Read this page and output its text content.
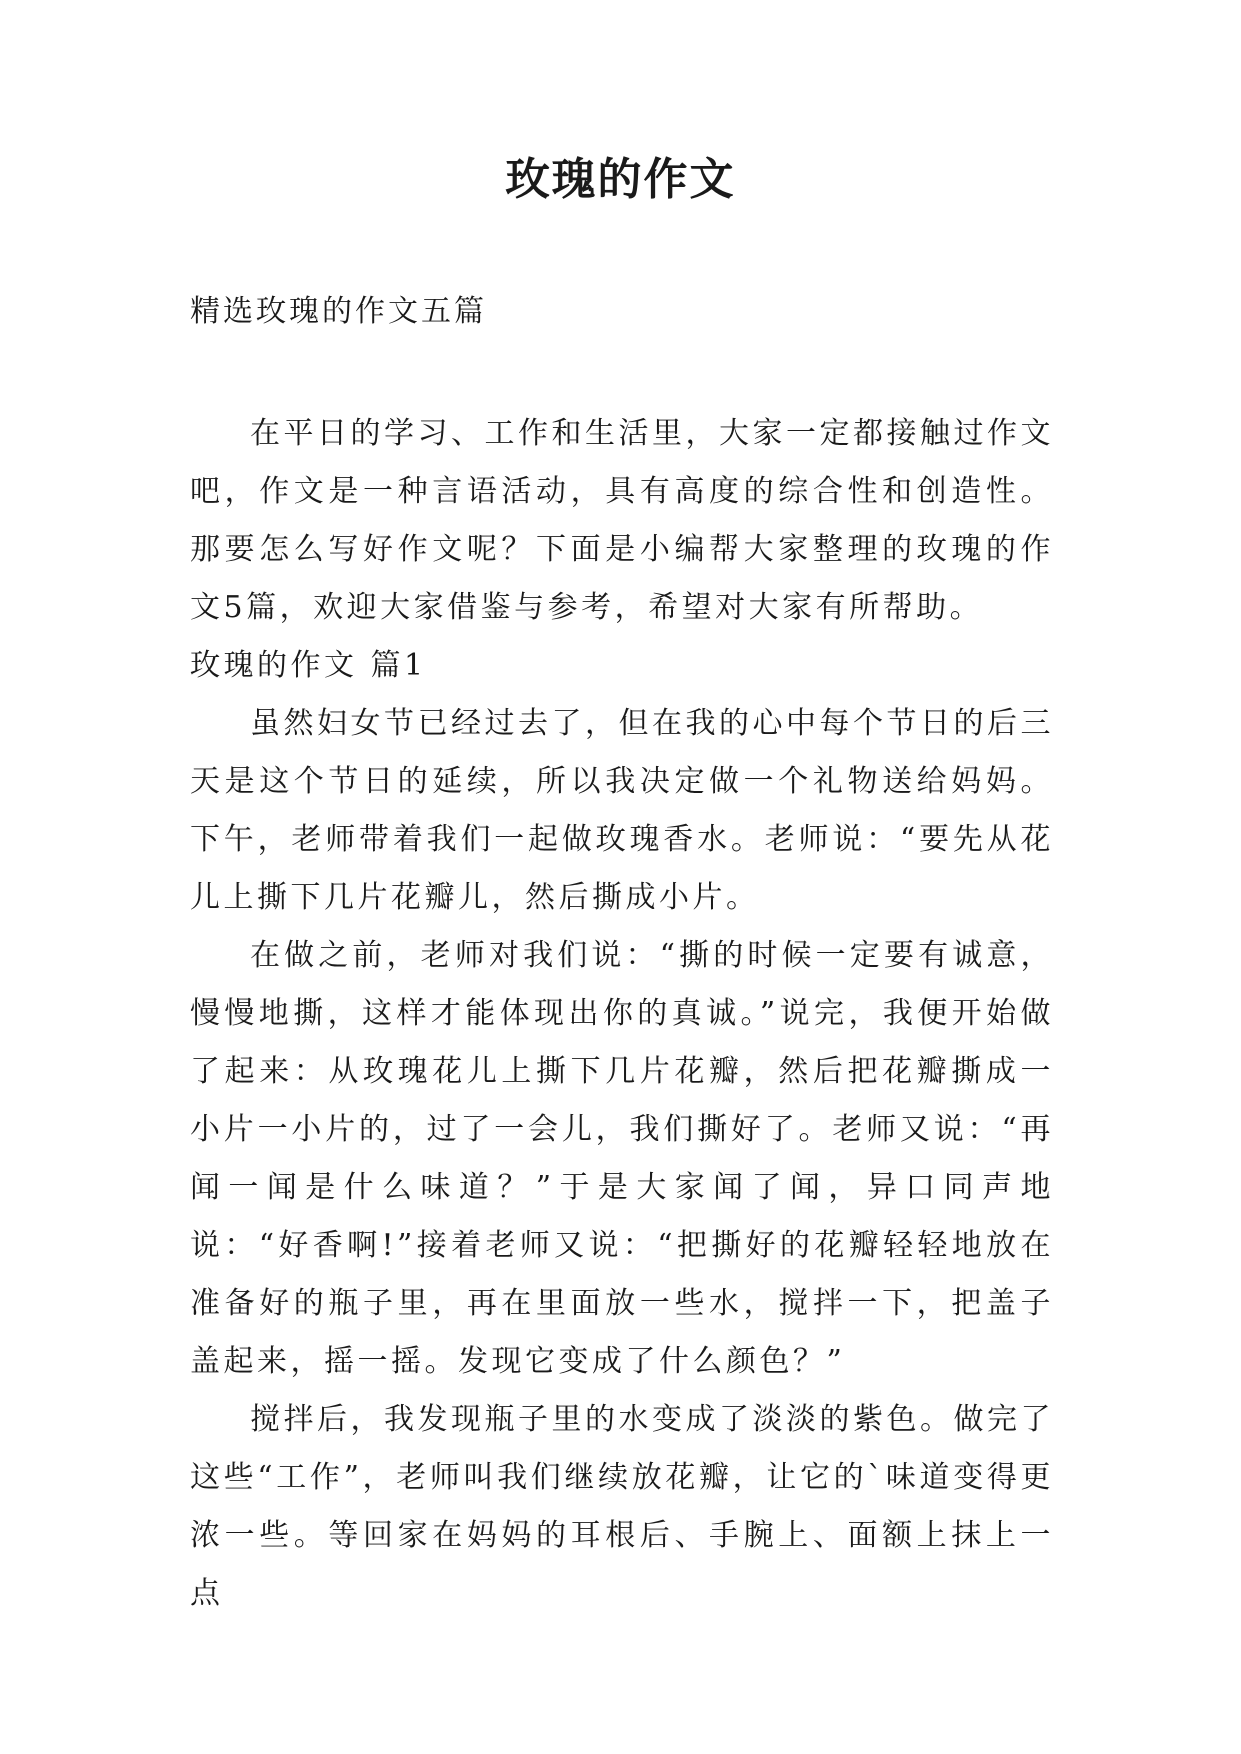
玫瑰的作文
精选玫瑰的作文五篇

在平日的学习、工作和生活里，大家一定都接触过作文吧，作文是一种言语活动，具有高度的综合性和创造性。那要怎么写好作文呢？下面是小编帮大家整理的玫瑰的作文5篇，欢迎大家借鉴与参考，希望对大家有所帮助。

玫瑰的作文 篇1

虽然妇女节已经过去了，但在我的心中每个节日的后三天是这个节日的延续，所以我决定做一个礼物送给妈妈。下午，老师带着我们一起做玫瑰香水。老师说：“要先从花儿上撕下几片花瓣儿，然后撕成小片。

在做之前，老师对我们说：“撕的时候一定要有诚意，慢慢地撕，这样才能体现出你的真诚。”说完，我便开始做了起来：从玫瑰花儿上撕下几片花瓣，然后把花瓣撕成一小片一小片的，过了一会儿，我们撕好了。老师又说：“再闻一闻是什么味道？”于是大家闻了闻，异口同声地说：“好香啊!”接着老师又说：“把撕好的花瓣轻轻地放在准备好的瓶子里，再在里面放一些水，搅拌一下，把盖子盖起来，摇一摇。发现它变成了什么颜色？”

搅拌后，我发现瓶子里的水变成了淡淡的紫色。做完了这些“工作”，老师叫我们继续放花瓣，让它的`味道变得更浓一些。等回家在妈妈的耳根后、手腕上、面额上抹上一点
